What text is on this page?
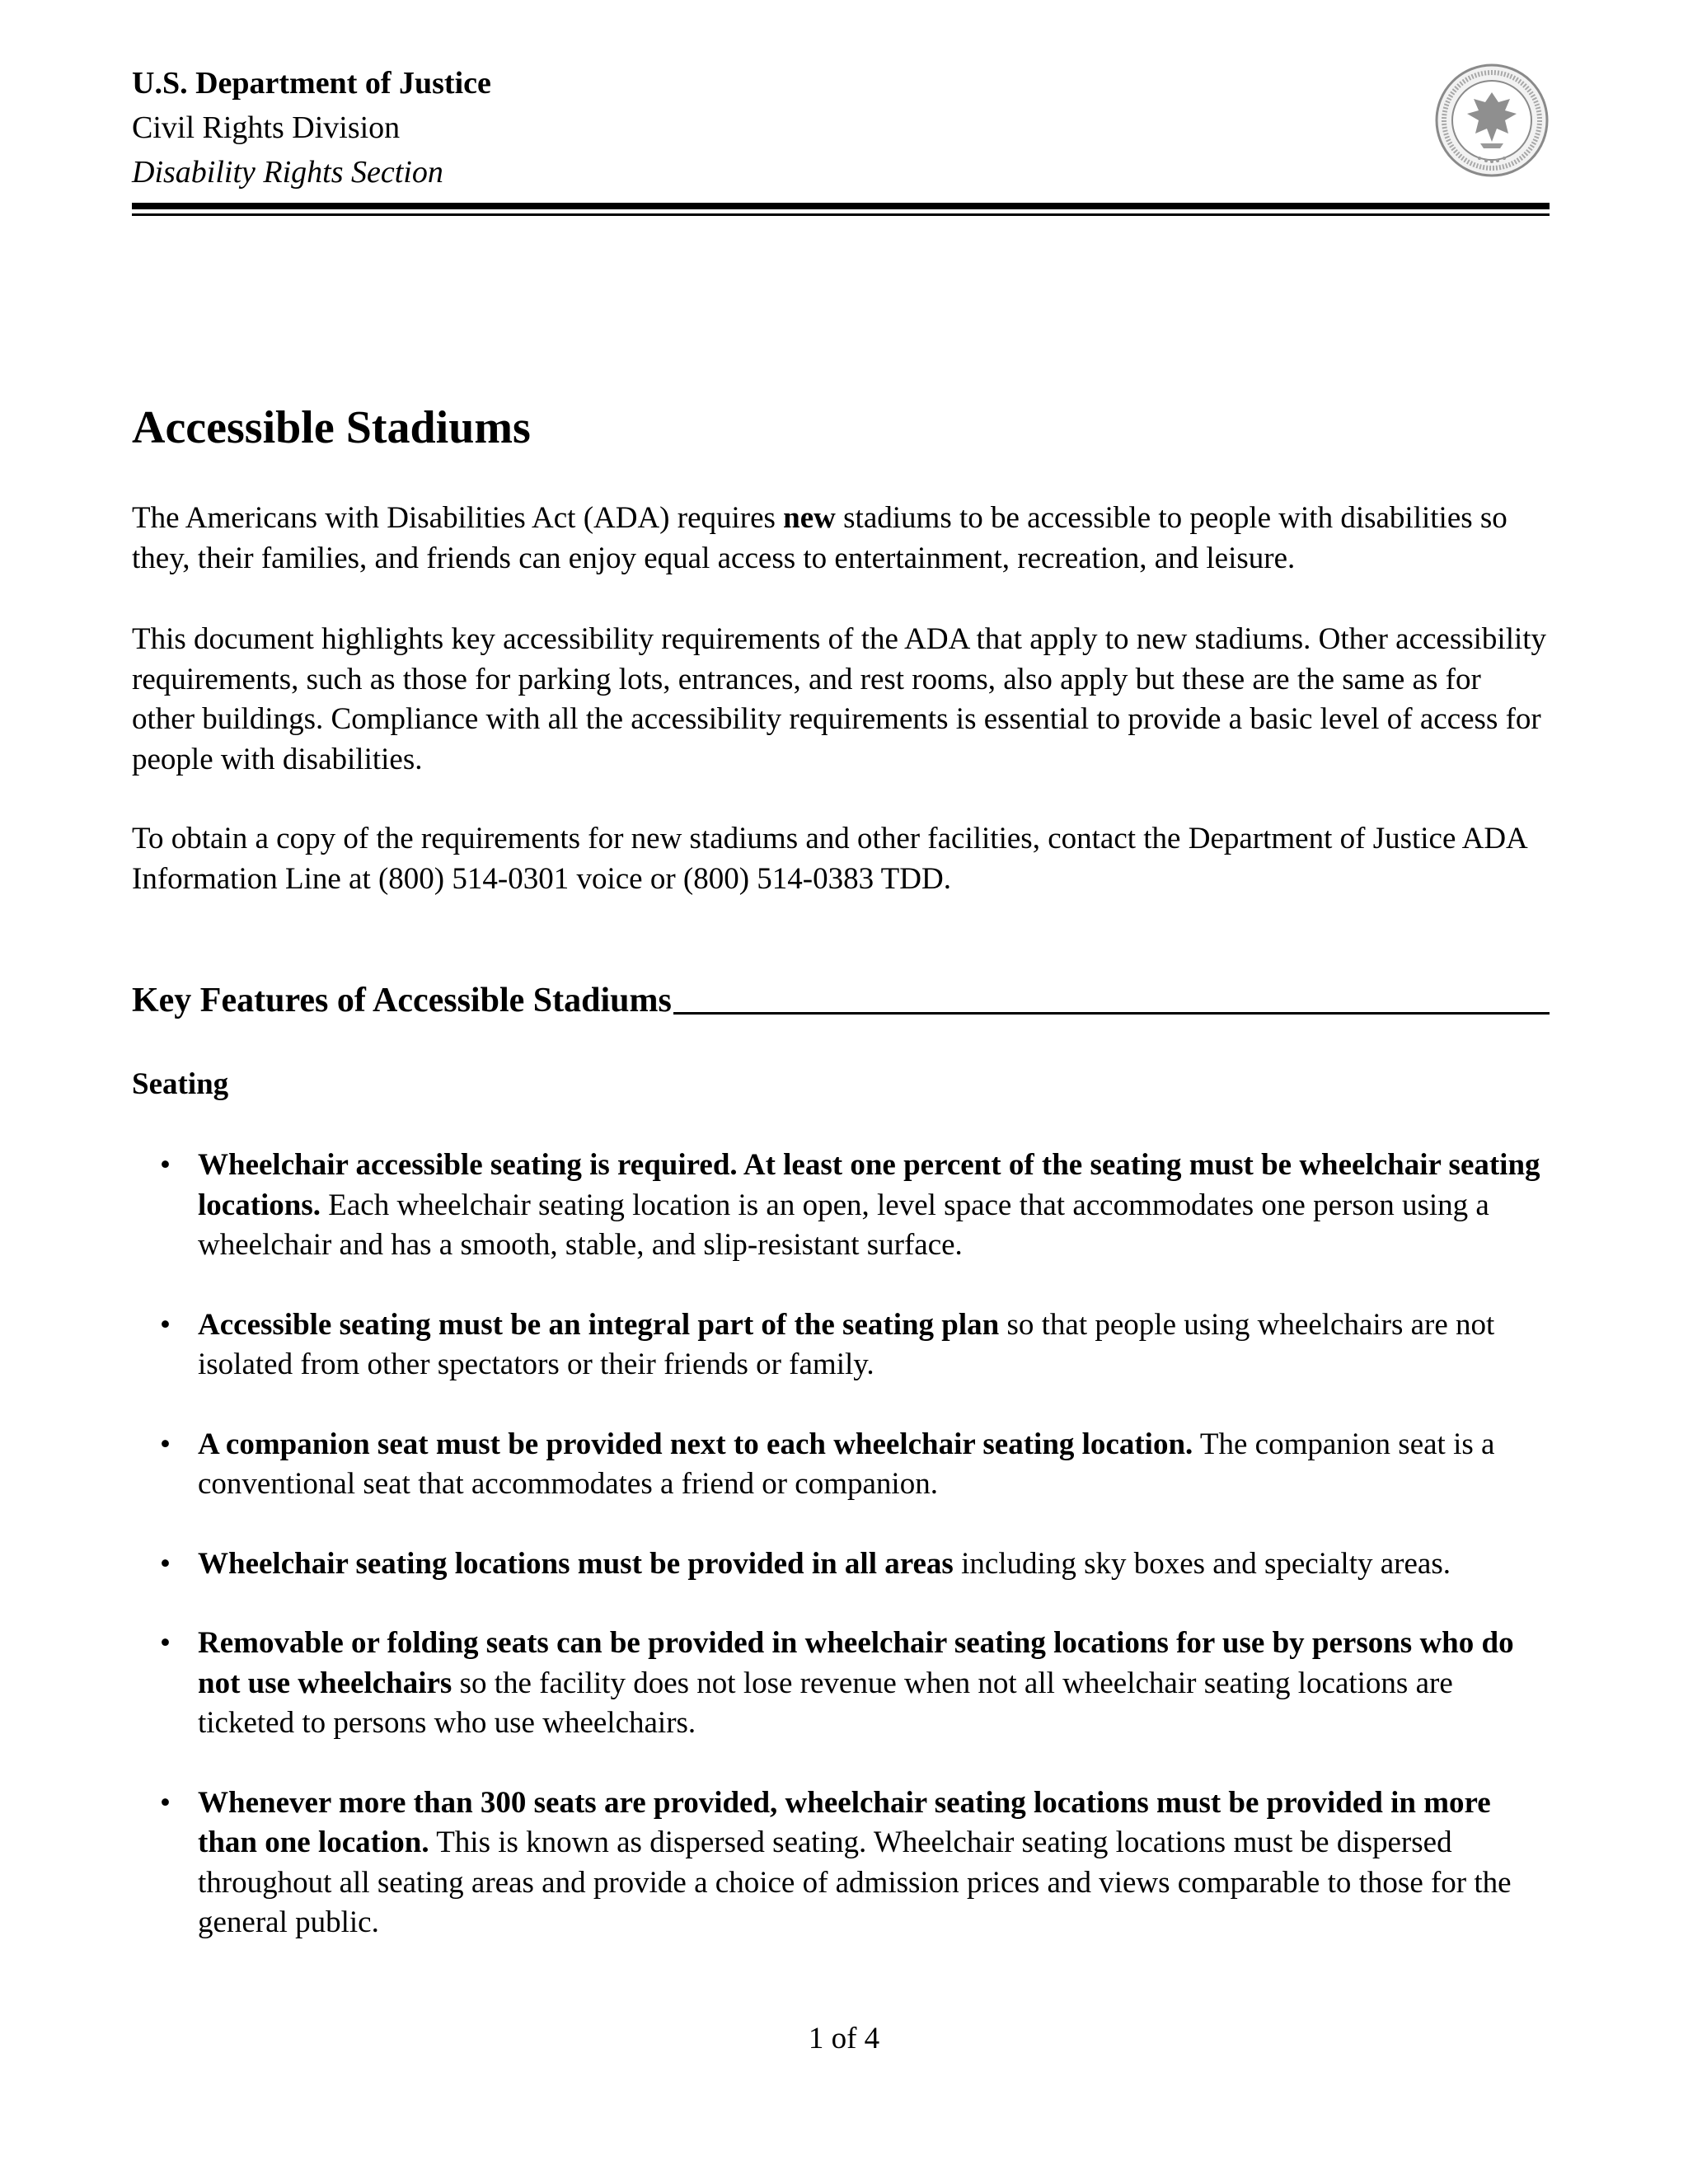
U.S. Department of Justice
Civil Rights Division
Disability Rights Section
Accessible Stadiums

The Americans with Disabilities Act (ADA) requires new stadiums to be accessible to people with disabilities so they, their families, and friends can enjoy equal access to entertainment, recreation, and leisure.

This document highlights key accessibility requirements of the ADA that apply to new stadiums. Other accessibility requirements, such as those for parking lots, entrances, and rest rooms, also apply but these are the same as for other buildings. Compliance with all the accessibility requirements is essential to provide a basic level of access for people with disabilities.

To obtain a copy of the requirements for new stadiums and other facilities, contact the Department of Justice ADA Information Line at (800) 514-0301 voice or (800) 514-0383 TDD.

Key Features of Accessible Stadiums
Seating
• Wheelchair accessible seating is required. At least one percent of the seating must be wheelchair seating locations. Each wheelchair seating location is an open, level space that accommodates one person using a wheelchair and has a smooth, stable, and slip-resistant surface.
• Accessible seating must be an integral part of the seating plan so that people using wheelchairs are not isolated from other spectators or their friends or family.
• A companion seat must be provided next to each wheelchair seating location. The companion seat is a conventional seat that accommodates a friend or companion.
• Wheelchair seating locations must be provided in all areas including sky boxes and specialty areas.
• Removable or folding seats can be provided in wheelchair seating locations for use by persons who do not use wheelchairs so the facility does not lose revenue when not all wheelchair seating locations are ticketed to persons who use wheelchairs.
• Whenever more than 300 seats are provided, wheelchair seating locations must be provided in more than one location. This is known as dispersed seating. Wheelchair seating locations must be dispersed throughout all seating areas and provide a choice of admission prices and views comparable to those for the general public.
1 of 4
